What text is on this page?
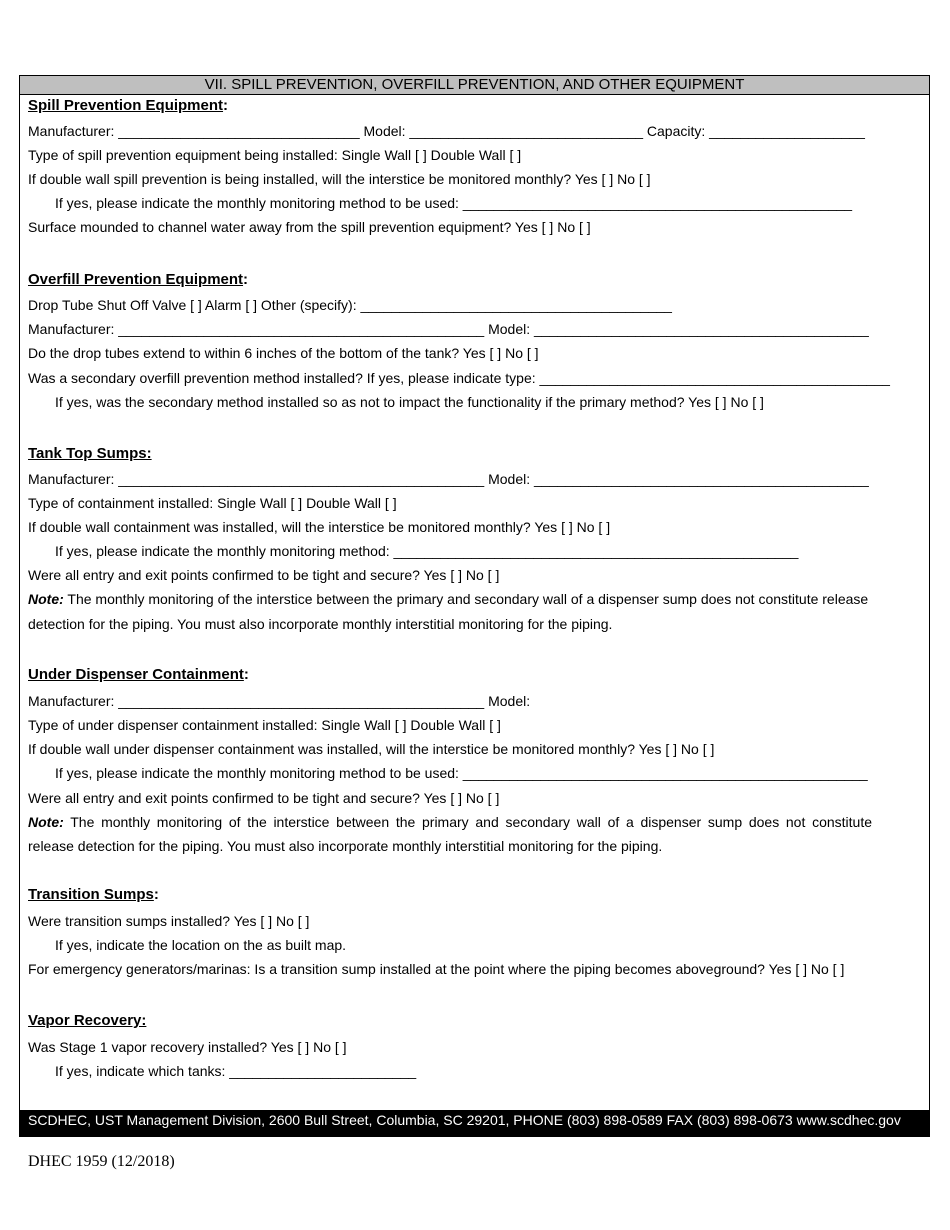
VII. SPILL PREVENTION, OVERFILL PREVENTION, AND OTHER EQUIPMENT
Spill Prevention Equipment:
Manufacturer: _______________________________ Model: ______________________________ Capacity: ____________________
Type of spill prevention equipment being installed: Single Wall [ ] Double Wall [ ]
If double wall spill prevention is being installed, will the interstice be monitored monthly? Yes [ ] No [ ]
If yes, please indicate the monthly monitoring method to be used: __________________________________________________
Surface mounded to channel water away from the spill prevention equipment? Yes [ ] No [ ]
Overfill Prevention Equipment:
Drop Tube Shut Off Valve [ ] Alarm [ ] Other (specify): ________________________________________
Manufacturer: _______________________________________________ Model: ___________________________________________
Do the drop tubes extend to within 6 inches of the bottom of the tank? Yes [ ] No [ ]
Was a secondary overfill prevention method installed? If yes, please indicate type: _____________________________________________
If yes, was the secondary method installed so as not to impact the functionality if the primary method? Yes [ ] No [ ]
Tank Top Sumps:
Manufacturer: _______________________________________________ Model: ___________________________________________
Type of containment installed: Single Wall [ ] Double Wall [ ]
If double wall containment was installed, will the interstice be monitored monthly? Yes [ ] No [ ]
If yes, please indicate the monthly monitoring method: ____________________________________________________
Were all entry and exit points confirmed to be tight and secure? Yes [ ] No [ ]
Note: The monthly monitoring of the interstice between the primary and secondary wall of a dispenser sump does not constitute release
detection for the piping. You must also incorporate monthly interstitial monitoring for the piping.
Under Dispenser Containment:
Manufacturer: _______________________________________________ Model:
Type of under dispenser containment installed: Single Wall [ ] Double Wall [ ]
If double wall under dispenser containment was installed, will the interstice be monitored monthly? Yes [ ] No [ ]
If yes, please indicate the monthly monitoring method to be used: ____________________________________________________
Were all entry and exit points confirmed to be tight and secure? Yes [ ] No [ ]
Note: The monthly monitoring of the interstice between the primary and secondary wall of a dispenser sump does not constitute
release detection for the piping. You must also incorporate monthly interstitial monitoring for the piping.
Transition Sumps:
Were transition sumps installed? Yes [ ] No [ ]
If yes, indicate the location on the as built map.
For emergency generators/marinas: Is a transition sump installed at the point where the piping becomes aboveground? Yes [ ] No [ ]
Vapor Recovery:
Was Stage 1 vapor recovery installed? Yes [ ] No [ ]
If yes, indicate which tanks: ________________________
SCDHEC, UST Management Division, 2600 Bull Street, Columbia, SC 29201, PHONE (803) 898-0589 FAX (803) 898-0673 www.scdhec.gov
DHEC 1959 (12/2018)
